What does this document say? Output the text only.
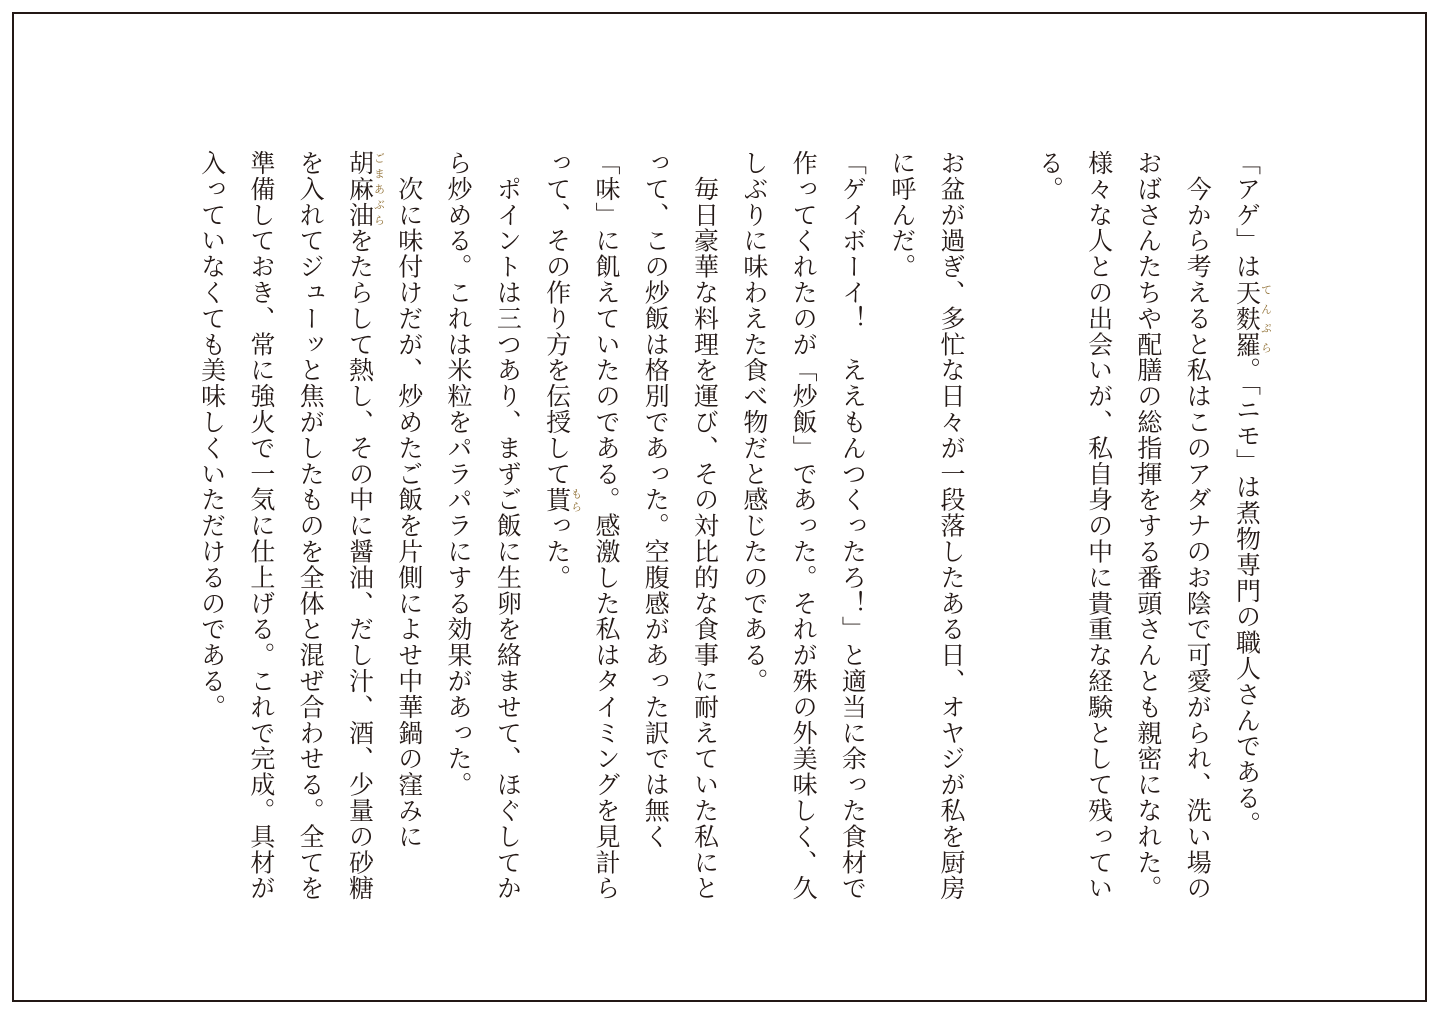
「アゲ」は天麩羅てんぷら。「ニモ」は煮物専門の職人さんである。

　今から考えると私はこのアダナのお陰で可愛がられ、洗い場のおばさんたちや配膳の総指揮をする番頭さんとも親密になれた。様々な人との出会いが、私自身の中に貴重な経験として残っている。

お盆が過ぎ、多忙な日々が一段落したある日、オヤジが私を厨房に呼んだ。

「ゲイボーイ！　ええもんつくったろ！」と適当に余った食材で作ってくれたのが「炒飯」であった。それが殊の外美味しく、久しぶりに味わえた食べ物だと感じたのである。

　毎日豪華な料理を運び、その対比的な食事に耐えていた私にとって、この炒飯は格別であった。空腹感があった訳では無く「味」に飢えていたのである。感激した私はタイミングを見計らって、その作り方を伝授して貰もらった。

　ポイントは三つあり、まずご飯に生卵を絡ませて、ほぐしてから炒める。これは米粒をパラパラにする効果があった。

　次に味付けだが、炒めたご飯を片側によせ中華鍋の窪みに胡麻油ごまあぶらをたらして熱し、その中に醤油、だし汁、酒、少量の砂糖を入れてジューッと焦がしたものを全体と混ぜ合わせる。全てを準備しておき、常に強火で一気に仕上げる。これで完成。具材が入っていなくても美味しくいただけるのである。
